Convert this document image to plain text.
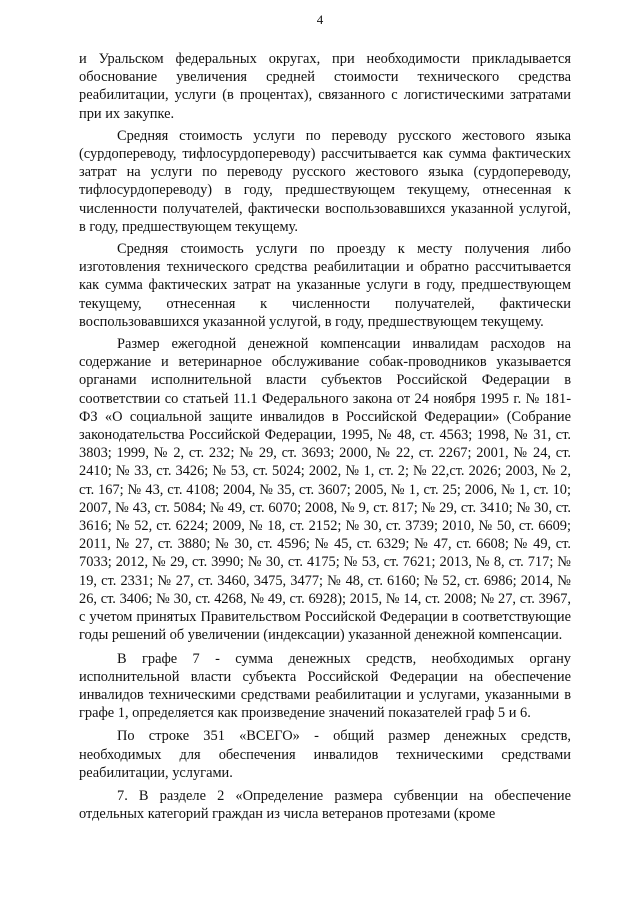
4

и Уральском федеральных округах, при необходимости прикладывается обоснование увеличения средней стоимости технического средства реабилитации, услуги (в процентах), связанного с логистическими затратами при их закупке.

Средняя стоимость услуги по переводу русского жестового языка (сурдопереводу, тифлосурдопереводу) рассчитывается как сумма фактических затрат на услуги по переводу русского жестового языка (сурдопереводу, тифлосурдопереводу) в году, предшествующем текущему, отнесенная к численности получателей, фактически воспользовавшихся указанной услугой, в году, предшествующем текущему.

Средняя стоимость услуги по проезду к месту получения либо изготовления технического средства реабилитации и обратно рассчитывается как сумма фактических затрат на указанные услуги в году, предшествующем текущему, отнесенная к численности получателей, фактически воспользовавшихся указанной услугой, в году, предшествующем текущему.

Размер ежегодной денежной компенсации инвалидам расходов на содержание и ветеринарное обслуживание собак-проводников указывается органами исполнительной власти субъектов Российской Федерации в соответствии со статьей 11.1 Федерального закона от 24 ноября 1995 г. № 181-ФЗ «О социальной защите инвалидов в Российской Федерации» (Собрание законодательства Российской Федерации, 1995, № 48, ст. 4563; 1998, № 31, ст. 3803; 1999, № 2, ст. 232; № 29, ст. 3693; 2000, № 22, ст. 2267; 2001, № 24, ст. 2410; № 33, ст. 3426; № 53, ст. 5024; 2002, № 1, ст. 2; № 22,ст. 2026; 2003, № 2, ст. 167; № 43, ст. 4108; 2004, № 35, ст. 3607; 2005, № 1, ст. 25; 2006, № 1, ст. 10; 2007, № 43, ст. 5084; № 49, ст. 6070; 2008, № 9, ст. 817; № 29, ст. 3410; № 30, ст. 3616; № 52, ст. 6224; 2009, № 18, ст. 2152; № 30, ст. 3739; 2010, № 50, ст. 6609; 2011, № 27, ст. 3880; № 30, ст. 4596; № 45, ст. 6329; № 47, ст. 6608; № 49, ст. 7033; 2012, № 29, ст. 3990; № 30, ст. 4175; № 53, ст. 7621; 2013, № 8, ст. 717; № 19, ст. 2331; № 27, ст. 3460, 3475, 3477; № 48, ст. 6160; № 52, ст. 6986; 2014, № 26, ст. 3406; № 30, ст. 4268, № 49, ст. 6928); 2015, № 14, ст. 2008; № 27, ст. 3967, с учетом принятых Правительством Российской Федерации в соответствующие годы решений об увеличении (индексации) указанной денежной компенсации.

В графе 7 - сумма денежных средств, необходимых органу исполнительной власти субъекта Российской Федерации на обеспечение инвалидов техническими средствами реабилитации и услугами, указанными в графе 1, определяется как произведение значений показателей граф 5 и 6.

По строке 351 «ВСЕГО» - общий размер денежных средств, необходимых для обеспечения инвалидов техническими средствами реабилитации, услугами.

7. В разделе 2 «Определение размера субвенции на обеспечение отдельных категорий граждан из числа ветеранов протезами (кроме
